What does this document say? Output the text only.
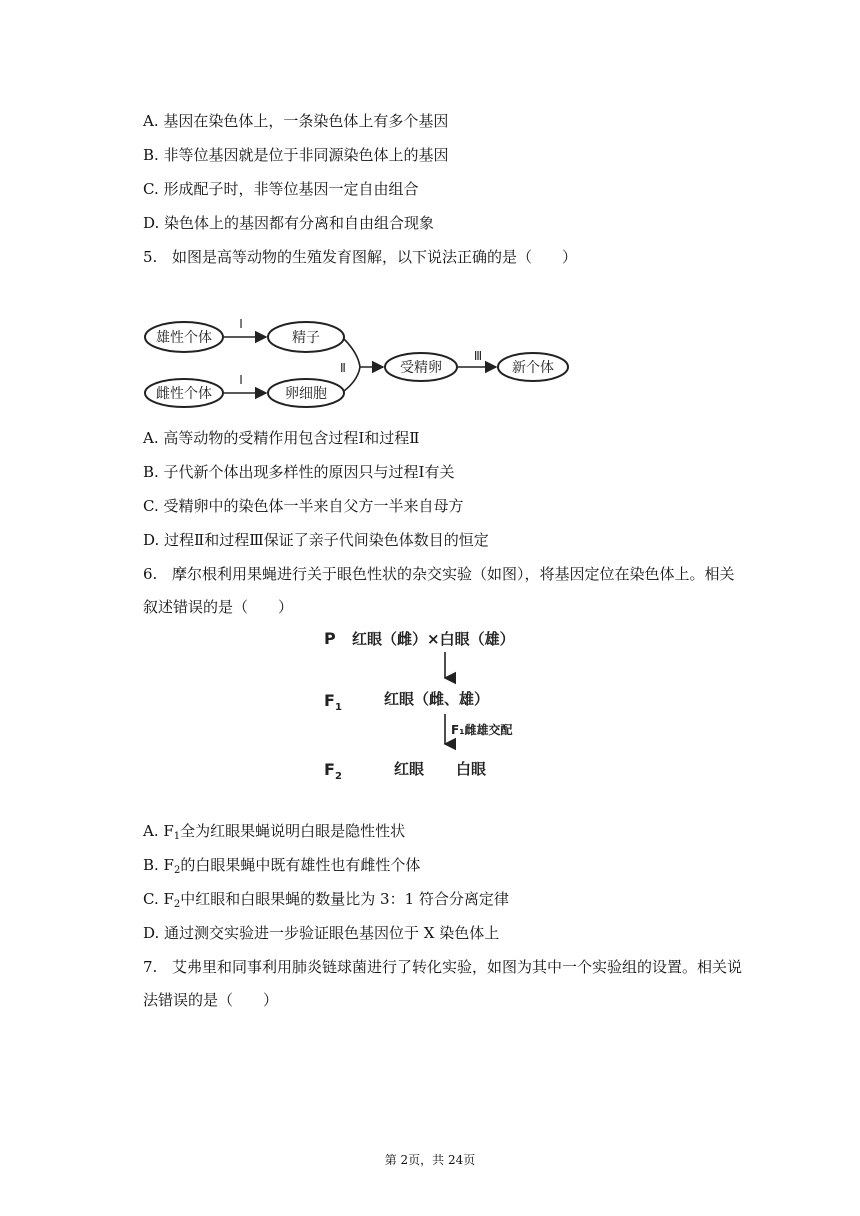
A. 基因在染色体上，一条染色体上有多个基因
B. 非等位基因就是位于非同源染色体上的基因
C. 形成配子时，非等位基因一定自由组合
D. 染色体上的基因都有分离和自由组合现象
5. 如图是高等动物的生殖发育图解，以下说法正确的是（　　）
雄性个体
雌性个体
精子
卵细胞
受精卵	新个体
Ⅰ
Ⅰ
Ⅱ
Ⅲ
A. 高等动物的受精作用包含过程Ⅰ和过程Ⅱ
B. 子代新个体出现多样性的原因只与过程Ⅰ有关
C. 受精卵中的染色体一半来自父方一半来自母方
D. 过程Ⅱ和过程Ⅲ保证了亲子代间染色体数目的恒定
6. 摩尔根利用果蝇进行关于眼色性状的杂交实验（如图），将基因定位在染色体上。相关
叙述错误的是（　　）
P 红眼（雌）×白眼（雄）
$F_1$	红眼（雌、雄）
F₁雌雄交配
$F_2$	红眼 白眼
A. $F_1$全为红眼果蝇说明白眼是隐性性状
B. $F_2$的白眼果蝇中既有雄性也有雌性个体
C. $F_2$中红眼和白眼果蝇的数量比为 3：1 符合分离定律
D. 通过测交实验进一步验证眼色基因位于 X 染色体上
7. 艾弗里和同事利用肺炎链球菌进行了转化实验，如图为其中一个实验组的设置。相关说
法错误的是（　　）
第 2页，共 24页
